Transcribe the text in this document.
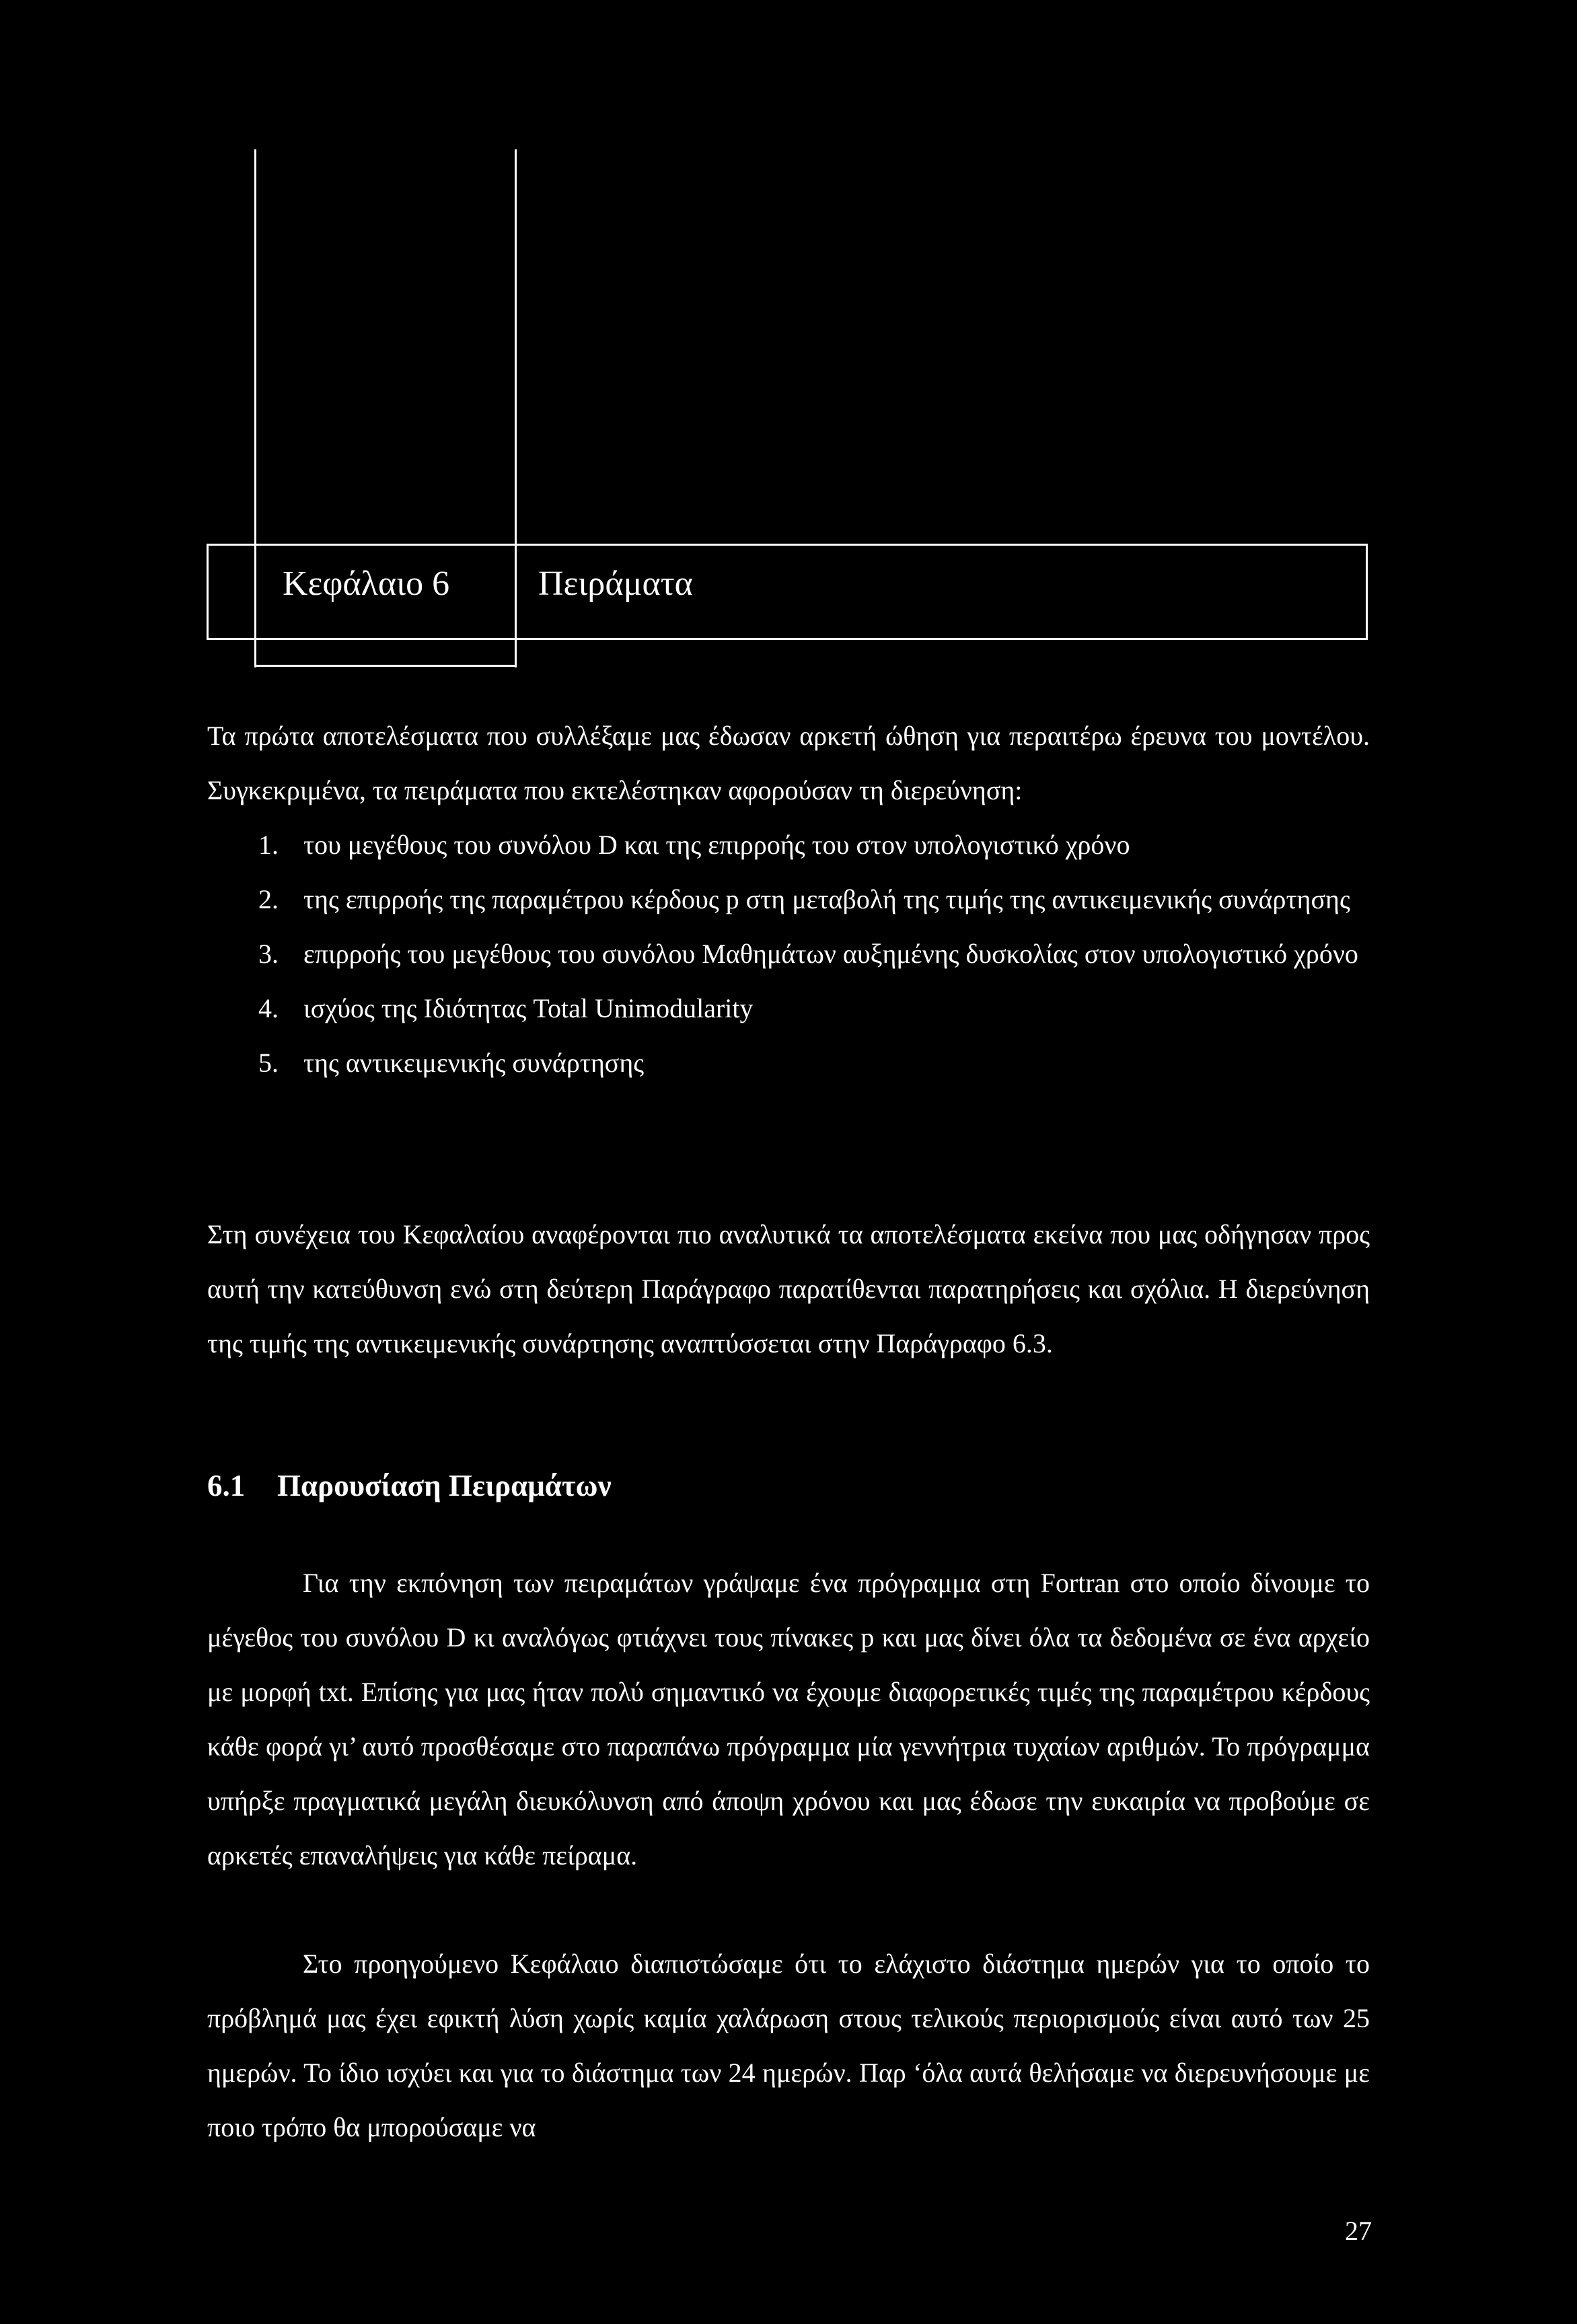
Κεφάλαιο 6	Πειράματα

Τα πρώτα αποτελέσματα που συλλέξαμε μας έδωσαν αρκετή ώθηση για περαιτέρω έρευνα του μοντέλου. Συγκεκριμένα, τα πειράματα που εκτελέστηκαν αφορούσαν τη διερεύνηση:

1. του μεγέθους του συνόλου D και της επιρροής του στον υπολογιστικό χρόνο
2. της επιρροής της παραμέτρου κέρδους p στη μεταβολή της τιμής της αντικειμενικής συνάρτησης
3. επιρροής του μεγέθους του συνόλου Μαθημάτων αυξημένης δυσκολίας στον υπολογιστικό χρόνο
4. ισχύος της Ιδιότητας Total Unimodularity
5. της αντικειμενικής συνάρτησης

Στη συνέχεια του Κεφαλαίου αναφέρονται πιο αναλυτικά τα αποτελέσματα εκείνα που μας οδήγησαν προς αυτή την κατεύθυνση ενώ στη δεύτερη Παράγραφο παρατίθενται παρατηρήσεις και σχόλια. Η διερεύνηση της τιμής της αντικειμενικής συνάρτησης αναπτύσσεται στην Παράγραφο 6.3.

6.1 Παρουσίαση Πειραμάτων

Για την εκπόνηση των πειραμάτων γράψαμε ένα πρόγραμμα στη Fortran στο οποίο δίνουμε το μέγεθος του συνόλου D κι αναλόγως φτιάχνει τους πίνακες p και μας δίνει όλα τα δεδομένα σε ένα αρχείο με μορφή txt. Επίσης για μας ήταν πολύ σημαντικό να έχουμε διαφορετικές τιμές της παραμέτρου κέρδους κάθε φορά γι’ αυτό προσθέσαμε στο παραπάνω πρόγραμμα μία γεννήτρια τυχαίων αριθμών. Το πρόγραμμα υπήρξε πραγματικά μεγάλη διευκόλυνση από άποψη χρόνου και μας έδωσε την ευκαιρία να προβούμε σε αρκετές επαναλήψεις για κάθε πείραμα.

Στο προηγούμενο Κεφάλαιο διαπιστώσαμε ότι το ελάχιστο διάστημα ημερών για το οποίο το πρόβλημά μας έχει εφικτή λύση χωρίς καμία χαλάρωση στους τελικούς περιορισμούς είναι αυτό των 25 ημερών. Το ίδιο ισχύει και για το διάστημα των 24 ημερών. Παρ ‘όλα αυτά θελήσαμε να διερευνήσουμε με ποιο τρόπο θα μπορούσαμε να

27
